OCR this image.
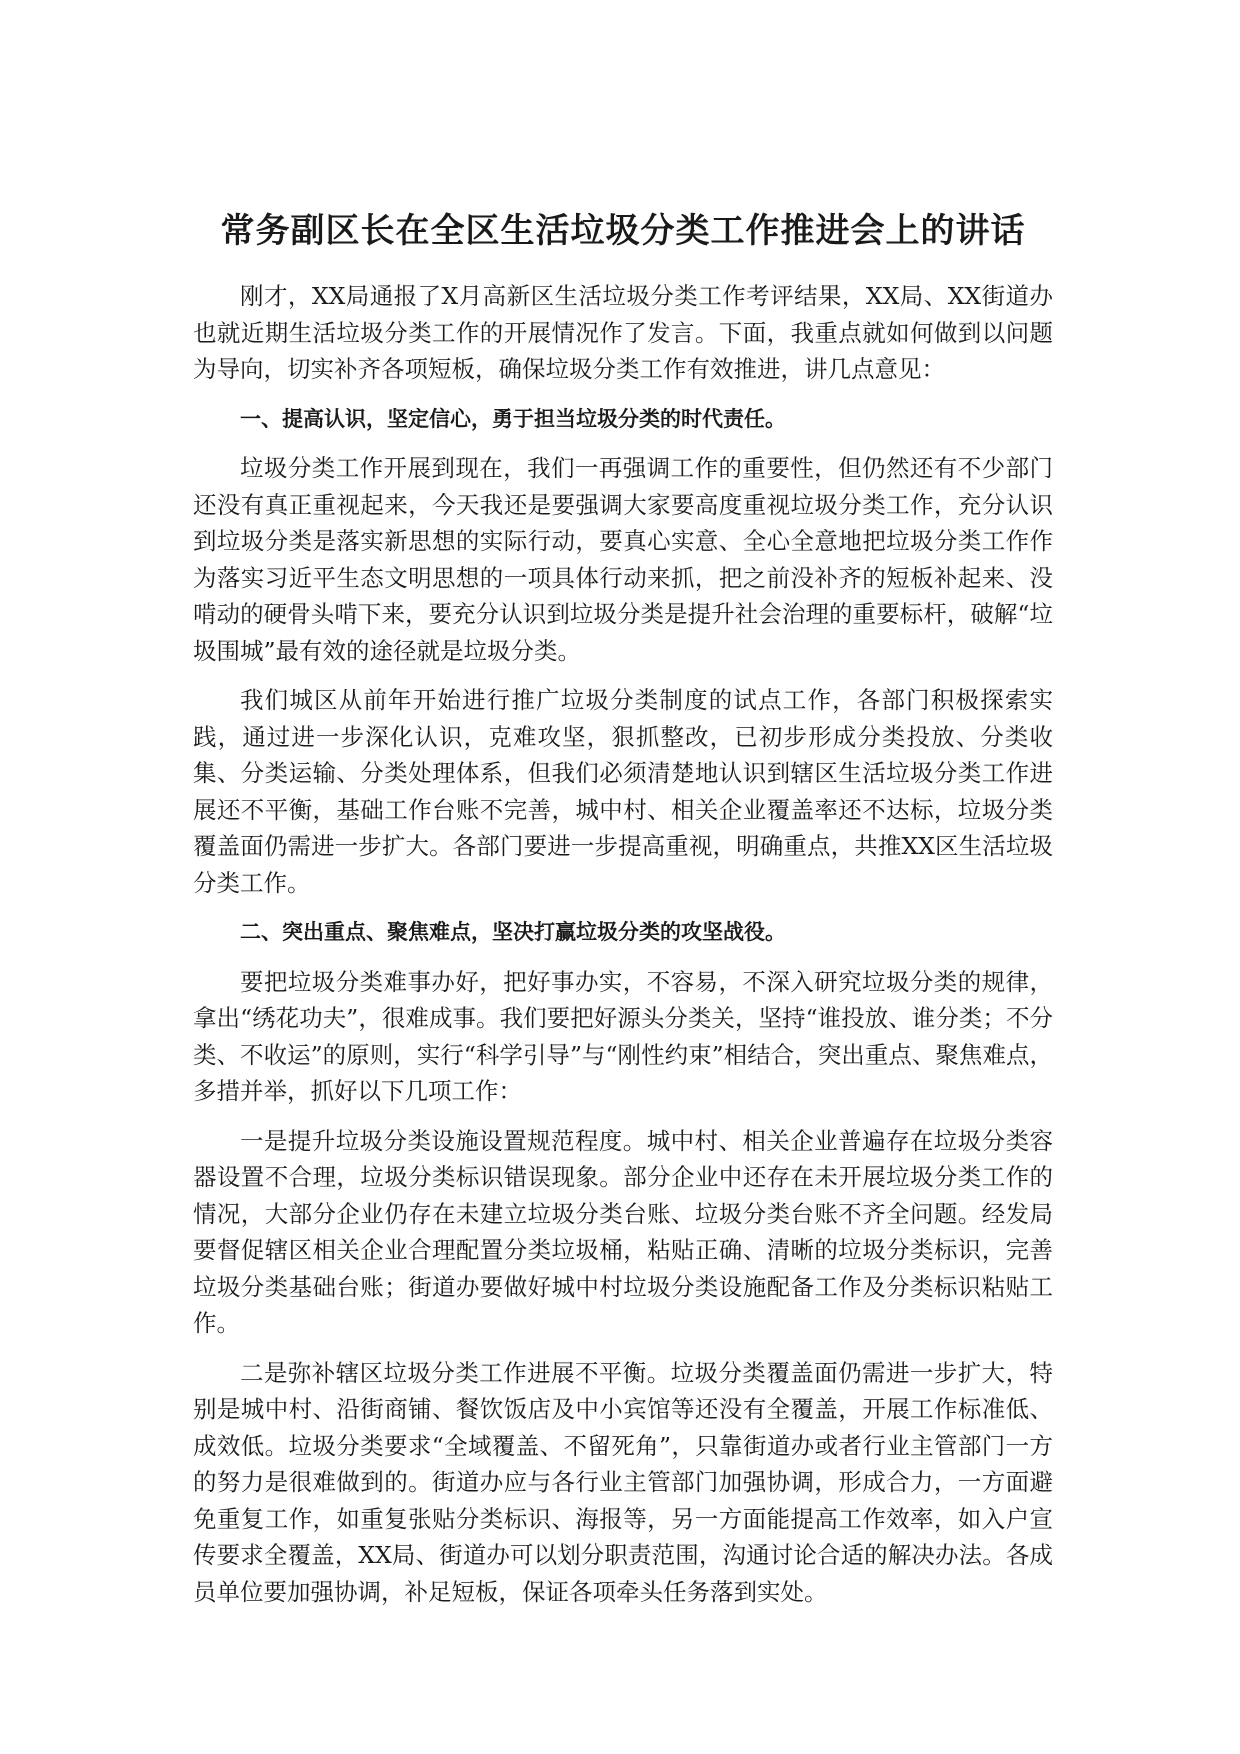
常务副区长在全区生活垃圾分类工作推进会上的讲话

刚才，XX局通报了X月高新区生活垃圾分类工作考评结果，XX局、XX街道办也就近期生活垃圾分类工作的开展情况作了发言。下面，我重点就如何做到以问题为导向，切实补齐各项短板，确保垃圾分类工作有效推进，讲几点意见：

一、提高认识，坚定信心，勇于担当垃圾分类的时代责任。

垃圾分类工作开展到现在，我们一再强调工作的重要性，但仍然还有不少部门还没有真正重视起来，今天我还是要强调大家要高度重视垃圾分类工作，充分认识到垃圾分类是落实新思想的实际行动，要真心实意、全心全意地把垃圾分类工作作为落实习近平生态文明思想的一项具体行动来抓，把之前没补齐的短板补起来、没啃动的硬骨头啃下来，要充分认识到垃圾分类是提升社会治理的重要标杆，破解“垃圾围城”最有效的途径就是垃圾分类。

我们城区从前年开始进行推广垃圾分类制度的试点工作，各部门积极探索实践，通过进一步深化认识，克难攻坚，狠抓整改，已初步形成分类投放、分类收集、分类运输、分类处理体系，但我们必须清楚地认识到辖区生活垃圾分类工作进展还不平衡，基础工作台账不完善，城中村、相关企业覆盖率还不达标，垃圾分类覆盖面仍需进一步扩大。各部门要进一步提高重视，明确重点，共推XX区生活垃圾分类工作。

二、突出重点、聚焦难点，坚决打赢垃圾分类的攻坚战役。

要把垃圾分类难事办好，把好事办实，不容易，不深入研究垃圾分类的规律，拿出“绣花功夫”，很难成事。我们要把好源头分类关，坚持“谁投放、谁分类；不分类、不收运”的原则，实行“科学引导”与“刚性约束”相结合，突出重点、聚焦难点，多措并举，抓好以下几项工作：

一是提升垃圾分类设施设置规范程度。城中村、相关企业普遍存在垃圾分类容器设置不合理，垃圾分类标识错误现象。部分企业中还存在未开展垃圾分类工作的情况，大部分企业仍存在未建立垃圾分类台账、垃圾分类台账不齐全问题。经发局要督促辖区相关企业合理配置分类垃圾桶，粘贴正确、清晰的垃圾分类标识，完善垃圾分类基础台账；街道办要做好城中村垃圾分类设施配备工作及分类标识粘贴工作。

二是弥补辖区垃圾分类工作进展不平衡。垃圾分类覆盖面仍需进一步扩大，特别是城中村、沿街商铺、餐饮饭店及中小宾馆等还没有全覆盖，开展工作标准低、成效低。垃圾分类要求“全域覆盖、不留死角”，只靠街道办或者行业主管部门一方的努力是很难做到的。街道办应与各行业主管部门加强协调，形成合力，一方面避免重复工作，如重复张贴分类标识、海报等，另一方面能提高工作效率，如入户宣传要求全覆盖，XX局、街道办可以划分职责范围，沟通讨论合适的解决办法。各成员单位要加强协调，补足短板，保证各项牵头任务落到实处。
